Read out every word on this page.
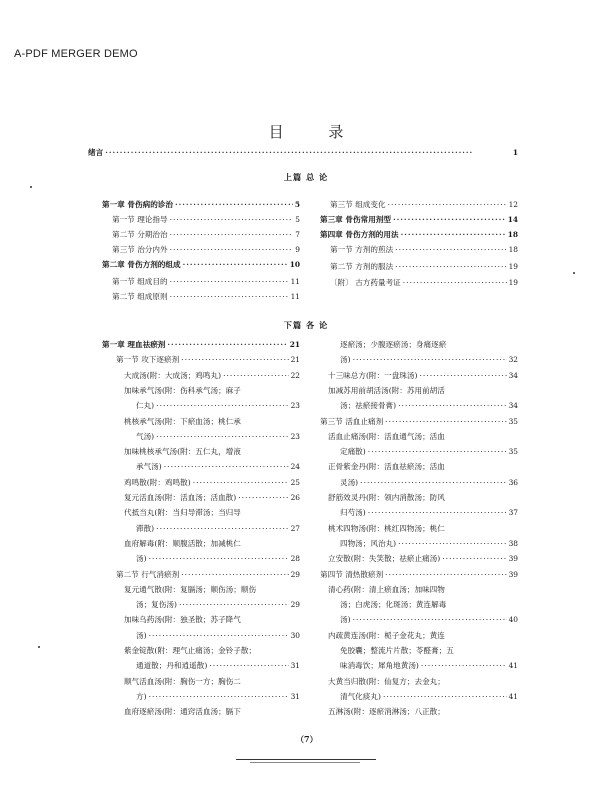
A-PDF MERGER DEMO
目 录
绪言 ·····	1
上篇 总 论
第一章 骨伤病的诊治 ·····	5
第一节 理论指导 ·····	5
第二节 分期治治 ·····	7
第三节 治分内外 ·····	9
第二章 骨伤方剂的组成 ·····	10
第一节 组成目的 ·····	11
第二节 组成原则 ·····	11
第三节 组成变化 ·····	12
第三章 骨伤常用剂型 ·····	14
第四章 骨伤方剂的用法 ·····	18
第一节 方剂的煎法 ·····	18
第二节 方剂的服法 ·····	19
〔附〕 古方药量考证 ·····	19
下篇 各 论
第一章 理血祛瘀剂 ·····	21
第一节 攻下逐瘀剂 ·····	21
大成汤(附：大成汤；鸡鸣丸) ·····	22
加味承气汤(附：伤科承气汤；麻子
仁丸) ·····	23
桃核承气汤(附：下瘀血汤；桃仁承
气汤) ·····	23
加味桃核承气汤(附：五仁丸，增液
承气汤) ·····	24
鸡鸣散(附：鸡鸣散) ·····	25
复元活血汤(附：活血汤；活血散) ·····	26
代抵当丸(附：当归导滞汤；当归导
滞散) ·····	27
血府解毒(附：顺腹活散；加减桃仁
汤) ·····	28
第二节 行气消瘀剂 ·····	29
复元通气散(附：复膈汤；顺伤汤；顺伤
汤；复伤汤) ·····	29
加味乌药汤(附：独圣散；苏子降气
汤) ·····	30
紫金锭散(附：理气止痛汤；金铃子散；
通道散；丹和逍遥散) ·····	31
顺气活血汤(附：胸伤一方；胸伤二
方) ·····	31
血府逐瘀汤(附：通窍活血汤；膈下
逐瘀汤；少腹逐瘀汤；身痛逐瘀
汤) ·····	32
十三味总方(附：一盘珠汤) ·····	34
加减苏用前胡活汤(附：苏用前胡活
汤；祛瘀接骨膏) ·····	34
第三节 活血止痛剂 ·····	35
活血止痛汤(附：活血通气汤；活血
定痛散) ·····	35
正骨紫金丹(附：活血祛瘀汤；活血
灵汤) ·····	36
舒筋效灵丹(附：领内消散汤；防风
归芍汤) ·····	37
桃术四物汤(附：桃红四物汤；桃仁
四物汤；风治丸) ·····	38
立安散(附：失笑散；祛瘀止痛汤) ·····	39
第四节 清热散瘀剂 ·····	39
清心药(附：清上瘀血汤；加味四物
汤；白虎汤；化斑汤；黄连解毒
汤) ·····	40
内疏黄连汤(附：栀子金花丸；黄连
免胶囊；整流片片散；苓醛膏；五
味消毒饮；犀角地黄汤) ·····	41
大黄当归散(附：仙复方；去金丸；
清气化痰丸) ·····	41
五淋汤(附：逐瘀消淋汤；八正散；
（7）
